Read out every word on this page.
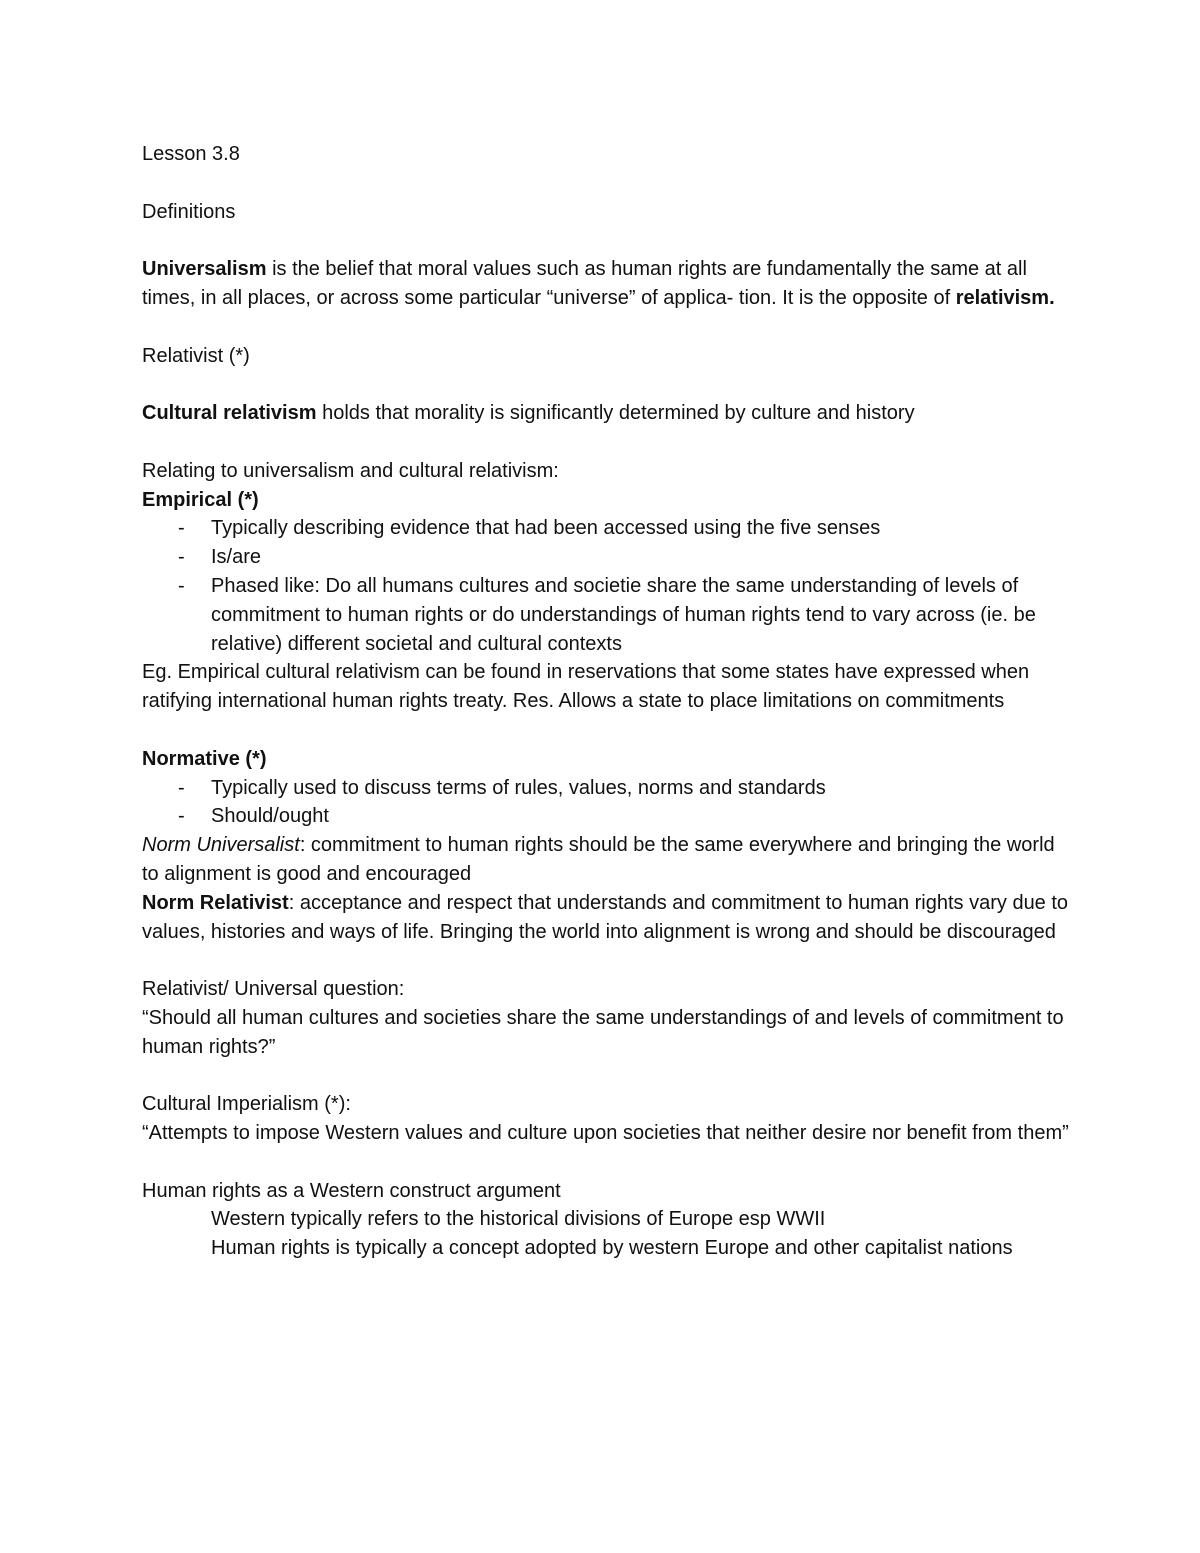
Lesson 3.8

Definitions

Universalism is the belief that moral values such as human rights are fundamentally the same at all times, in all places, or across some particular “universe” of applica- tion. It is the opposite of relativism.

Relativist (*)

Cultural relativism holds that morality is significantly determined by culture and history

Relating to universalism and cultural relativism:

Empirical (*)

- Typically describing evidence that had been accessed using the five senses
- Is/are
- Phased like: Do all humans cultures and societie share the same understanding of levels of commitment to human rights or do understandings of human rights tend to vary across (ie. be relative) different societal and cultural contexts

Eg. Empirical cultural relativism can be found in reservations that some states have expressed when ratifying international human rights treaty. Res. Allows a state to place limitations on commitments

Normative (*)

- Typically used to discuss terms of rules, values, norms and standards
- Should/ought

Norm Universalist: commitment to human rights should be the same everywhere and bringing the world to alignment is good and encouraged

Norm Relativist: acceptance and respect that understands and commitment to human rights vary due to values, histories and ways of life. Bringing the world into alignment is wrong and should be discouraged

Relativist/ Universal question:

“Should all human cultures and societies share the same understandings of and levels of commitment to human rights?”

Cultural Imperialism (*):

“Attempts to impose Western values and culture upon societies that neither desire nor benefit from them”

Human rights as a Western construct argument

Western typically refers to the historical divisions of Europe esp WWII

Human rights is typically a concept adopted by western Europe and other capitalist nations
